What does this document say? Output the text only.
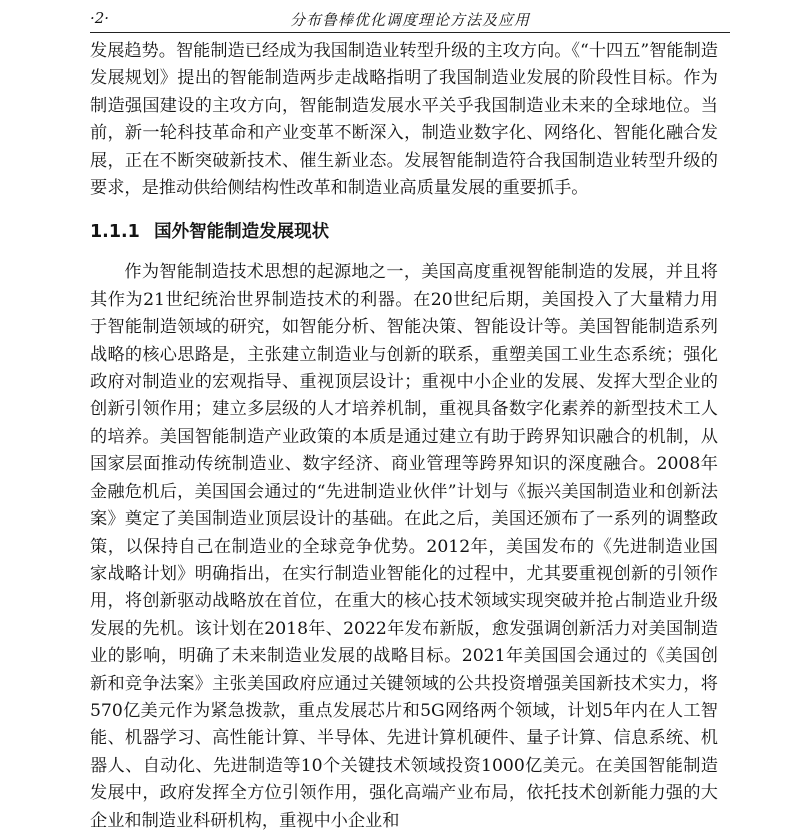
·2·	分布鲁棒优化调度理论方法及应用

发展趋势。智能制造已经成为我国制造业转型升级的主攻方向。《“十四五”智能制造发展规划》提出的智能制造两步走战略指明了我国制造业发展的阶段性目标。作为制造强国建设的主攻方向，智能制造发展水平关乎我国制造业未来的全球地位。当前，新一轮科技革命和产业变革不断深入，制造业数字化、网络化、智能化融合发展，正在不断突破新技术、催生新业态。发展智能制造符合我国制造业转型升级的要求，是推动供给侧结构性改革和制造业高质量发展的重要抓手。

1.1.1 国外智能制造发展现状

作为智能制造技术思想的起源地之一，美国高度重视智能制造的发展，并且将其作为21世纪统治世界制造技术的利器。在20世纪后期，美国投入了大量精力用于智能制造领域的研究，如智能分析、智能决策、智能设计等。美国智能制造系列战略的核心思路是，主张建立制造业与创新的联系，重塑美国工业生态系统；强化政府对制造业的宏观指导、重视顶层设计；重视中小企业的发展、发挥大型企业的创新引领作用；建立多层级的人才培养机制，重视具备数字化素养的新型技术工人的培养。美国智能制造产业政策的本质是通过建立有助于跨界知识融合的机制，从国家层面推动传统制造业、数字经济、商业管理等跨界知识的深度融合。2008年金融危机后，美国国会通过的“先进制造业伙伴”计划与《振兴美国制造业和创新法案》奠定了美国制造业顶层设计的基础。在此之后，美国还颁布了一系列的调整政策，以保持自己在制造业的全球竞争优势。2012年，美国发布的《先进制造业国家战略计划》明确指出，在实行制造业智能化的过程中，尤其要重视创新的引领作用，将创新驱动战略放在首位，在重大的核心技术领域实现突破并抢占制造业升级发展的先机。该计划在2018年、2022年发布新版，愈发强调创新活力对美国制造业的影响，明确了未来制造业发展的战略目标。2021年美国国会通过的《美国创新和竞争法案》主张美国政府应通过关键领域的公共投资增强美国新技术实力，将570亿美元作为紧急拨款，重点发展芯片和5G网络两个领域，计划5年内在人工智能、机器学习、高性能计算、半导体、先进计算机硬件、量子计算、信息系统、机器人、自动化、先进制造等10个关键技术领域投资1000亿美元。在美国智能制造发展中，政府发挥全方位引领作用，强化高端产业布局，依托技术创新能力强的大企业和制造业科研机构，重视中小企业和
